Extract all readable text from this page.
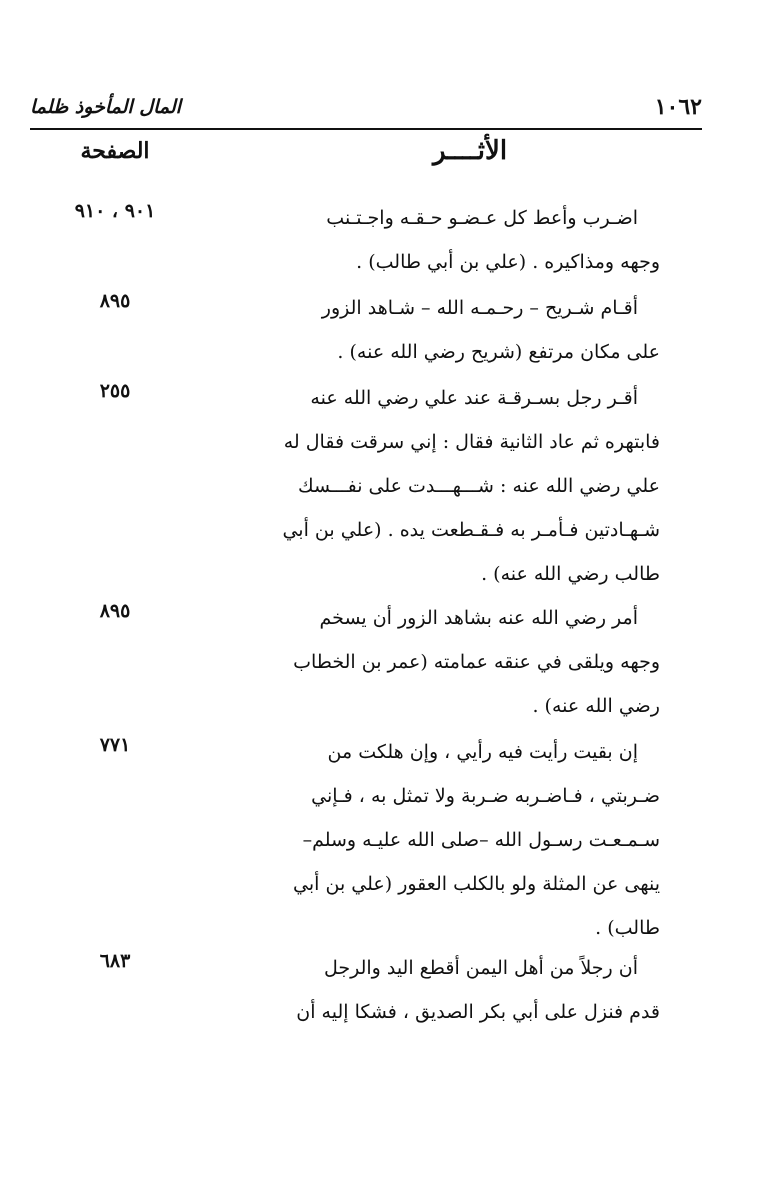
المال المأخوذ ظلما	١٠٦٢
الصفحة	الأثــــر
اضـرب وأعط كل عـضـو حـقـه واجـتـنب
وجهه ومذاكيره . (علي بن أبي طالب) .
٩٠١ ، ٩١٠
أقـام شـريح – رحـمـه الله – شـاهد الزور
على مكان مرتفع (شريح رضي الله عنه) .
٨٩٥
أقـر رجل بسـرقـة عند علي رضي الله عنه
فابتهره ثم عاد الثانية فقال : إني سرقت فقال له
علي رضي الله عنه : شـــهـــدت على نفـــسك
شـهـادتين فـأمـر به فـقـطعت يده . (علي بن أبي
طالب رضي الله عنه) .
٢٥٥
أمر رضي الله عنه بشاهد الزور أن يسخم
وجهه ويلقى في عنقه عمامته (عمر بن الخطاب
رضي الله عنه) .
٨٩٥
إن بقيت رأيت فيه رأيي ، وإن هلكت من
ضـربتي ، فـاضـربه ضـربة ولا تمثل به ، فـإني
سـمـعـت رسـول الله –صلى الله عليـه وسلم–
ينهى عن المثلة ولو بالكلب العقور (علي بن أبي
طالب) .
٧٧١
أن رجلاً من أهل اليمن أقطع اليد والرجل
قدم فنزل على أبي بكر الصديق ، فشكا إليه أن
٦٨٣
